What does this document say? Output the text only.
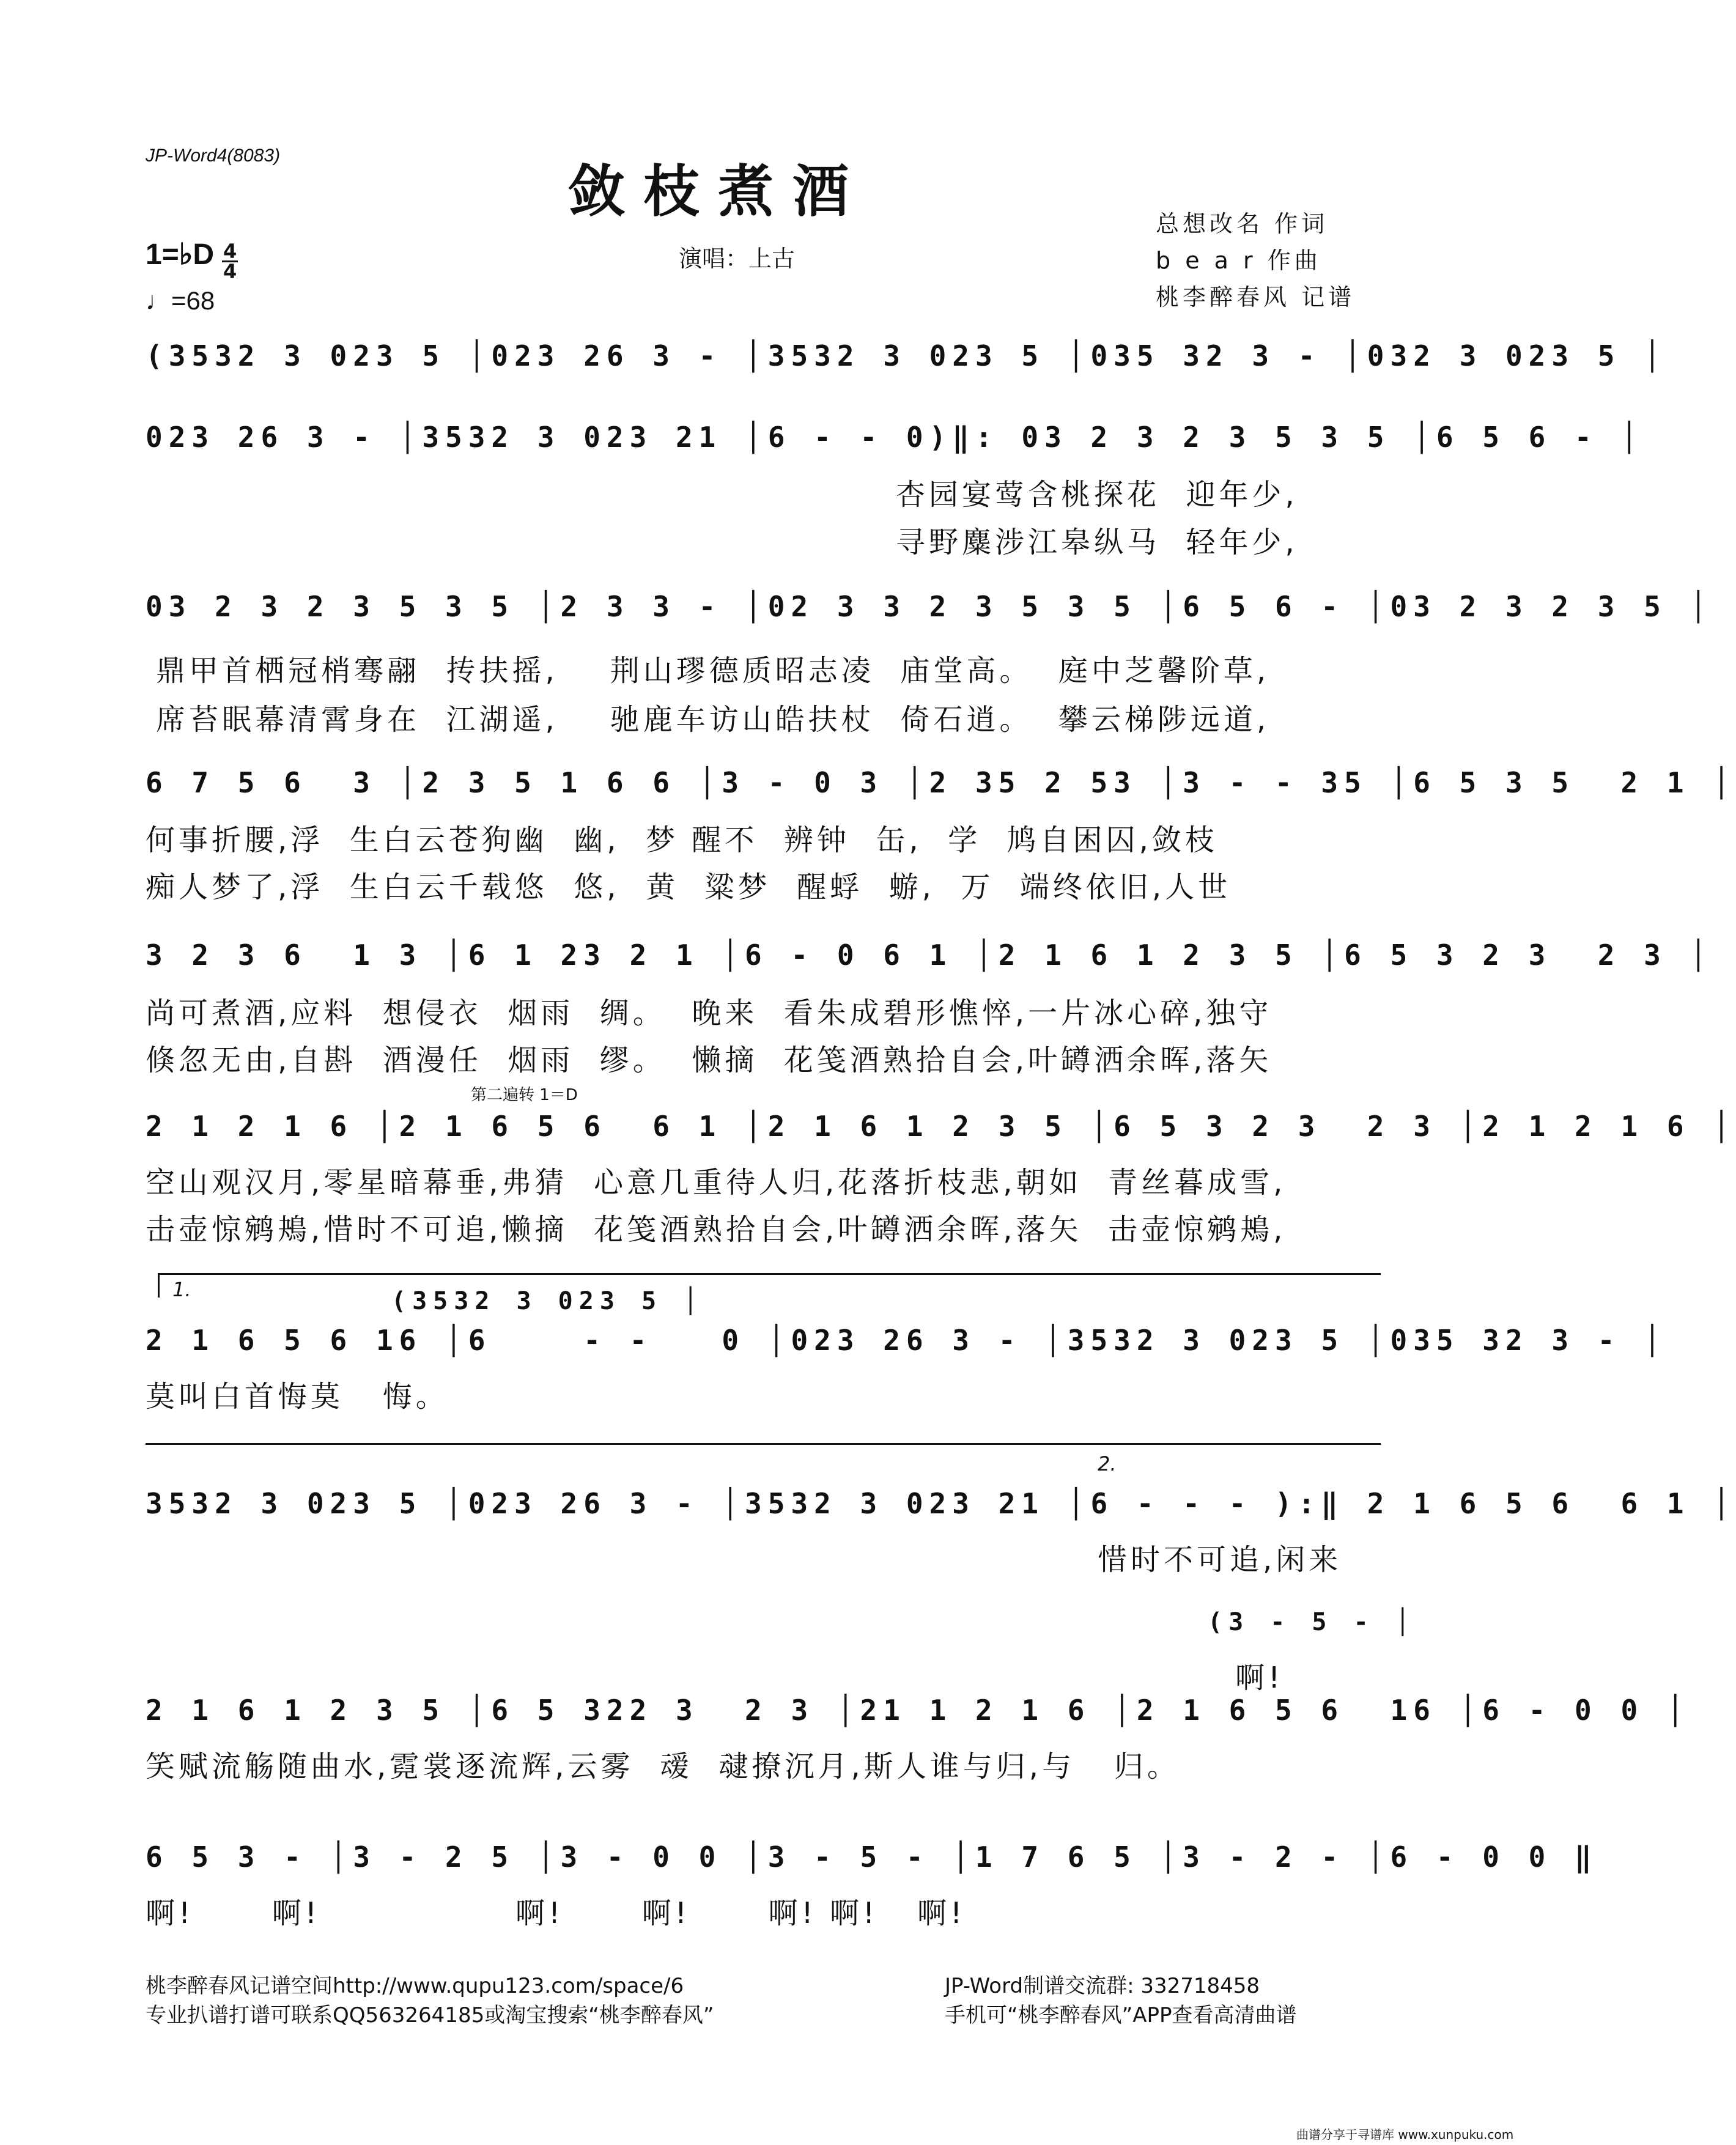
JP-Word4(8083)
敛枝煮酒
演唱：上古
总想改名 作词
b e a r 作曲
桃李醉春风 记谱
1=♭D $\frac{4}{4}$
♩=68
(3532 3 023 5 │023 26 3 - │3532 3 023 5 │035 32 3 - │032 3 023 5 │
023 26 3 - │3532 3 023 21 │6 - - 0)‖: 03 2 3 2 3 5 3 5 │6 5 6 - │
杏园宴莺含桃探花  迎年少,
寻野麋涉江皋纵马  轻年少,
03 2 3 2 3 5 3 5 │2 3 3 - │02 3 3 2 3 5 3 5 │6 5 6 - │03 2 3 2 3 5 │
鼎甲首栖冠梢骞翮  抟扶摇,    荆山璆德质昭志凌  庙堂高。  庭中芝馨阶草,
席苔眠幕清霄身在  江湖遥,    驰鹿车访山皓扶杖  倚石逍。  攀云梯陟远道,
6 7 5 6  3 │2 3 5 1 6 6 │3 - 0 3 │2 35 2 53 │3 - - 35 │6 5 3 5  2 1 │
何事折腰,浮  生白云苍狗幽  幽,  梦 醒不  辨钟  缶,  学  鸠自困囚,敛枝
痴人梦了,浮  生白云千载悠  悠,  黄  粱梦  醒蜉  蝣,  万  端终依旧,人世
3 2 3 6  1 3 │6 1 23 2 1 │6 - 0 6 1 │2 1 6 1 2 3 5 │6 5 3 2 3  2 3 │
尚可煮酒,应料  想侵衣  烟雨  绸。  晚来  看朱成碧形憔悴,一片冰心碎,独守
倏忽无由,自斟  酒漫任  烟雨  缪。  懒摘  花笺酒熟拾自会,叶罇洒余晖,落矢
第二遍转 1＝D
2 1 2 1 6 │2 1 6 5 6  6 1 │2 1 6 1 2 3 5 │6 5 3 2 3  2 3 │2 1 2 1 6 │
空山观汉月,零星暗幕垂,弗猜  心意几重待人归,花落折枝悲,朝如  青丝暮成雪,
击壶惊鹓鴂,惜时不可追,懒摘  花笺酒熟拾自会,叶罇洒余晖,落矢  击壶惊鹓鴂,
1.	(3532 3 023 5 │
2 1 6 5 6 16 │6    - -   0 │023 26 3 - │3532 3 023 5 │035 32 3 - │
莫叫白首悔莫   悔。
2.
3532 3 023 5 │023 26 3 - │3532 3 023 21 │6 - - - ):‖ 2 1 6 5 6  6 1 │
惜时不可追,闲来
(3 - 5 - │
啊!
2 1 6 1 2 3 5 │6 5 322 3  2 3 │21 1 2 1 6 │2 1 6 5 6  16 │6 - 0 0 │
笑赋流觞随曲水,霓裳逐流辉,云雾  叆  叇撩沉月,斯人谁与归,与   归。
6 5 3 - │3 - 2 5 │3 - 0 0 │3 - 5 - │1 7 6 5 │3 - 2 - │6 - 0 0 ‖
啊!      啊!               啊!      啊!      啊! 啊!   啊!
桃李醉春风记谱空间http://www.qupu123.com/space/6
专业扒谱打谱可联系QQ563264185或淘宝搜索“桃李醉春风”
JP-Word制谱交流群: 332718458
手机可“桃李醉春风”APP查看高清曲谱
曲谱分享于寻谱库 www.xunpuku.com
